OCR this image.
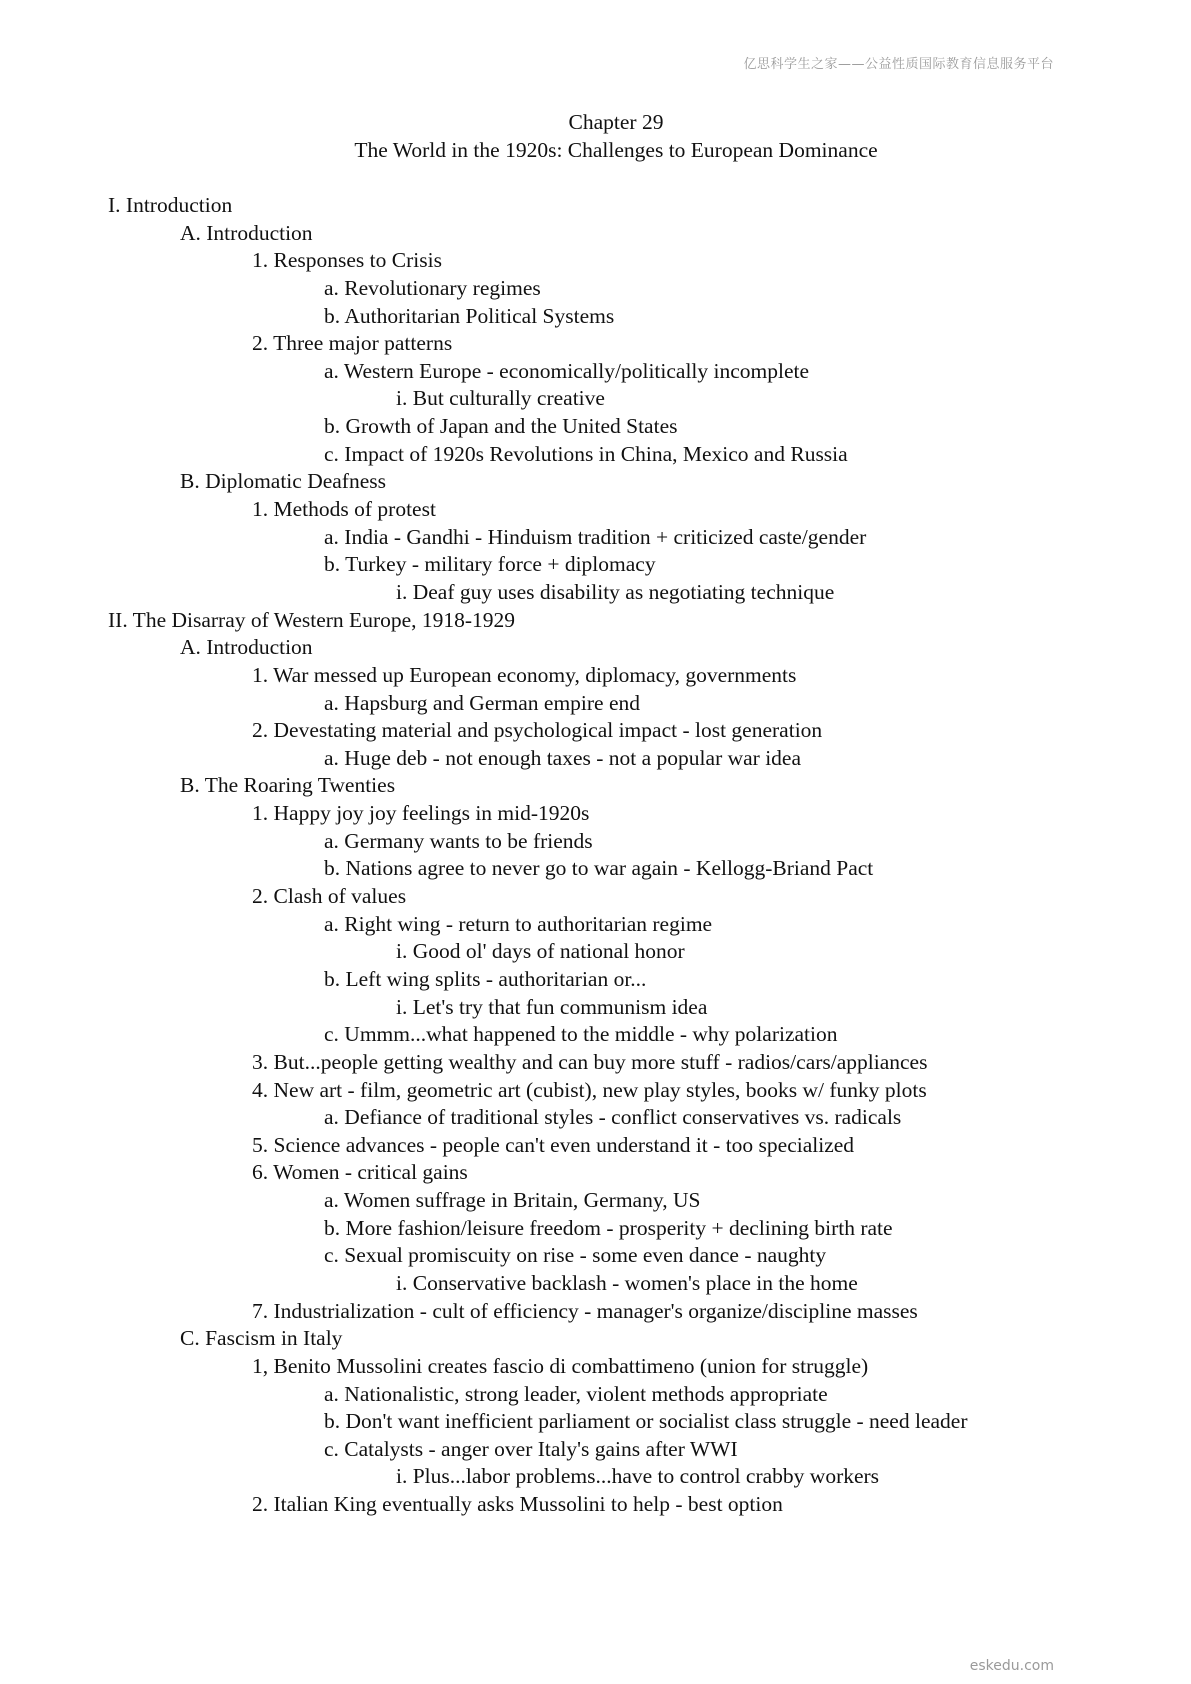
亿思科学生之家——公益性质国际教育信息服务平台
Chapter 29
The World in the 1920s: Challenges to European Dominance
I. Introduction
A. Introduction
1. Responses to Crisis
a. Revolutionary regimes
b. Authoritarian Political Systems
2. Three major patterns
a. Western Europe - economically/politically incomplete
i. But culturally creative
b. Growth of Japan and the United States
c. Impact of 1920s Revolutions in China, Mexico and Russia
B. Diplomatic Deafness
1. Methods of protest
a. India - Gandhi - Hinduism tradition + criticized caste/gender
b. Turkey - military force + diplomacy
i. Deaf guy uses disability as negotiating technique
II. The Disarray of Western Europe, 1918-1929
A. Introduction
1. War messed up European economy, diplomacy, governments
a. Hapsburg and German empire end
2. Devestating material and psychological impact - lost generation
a. Huge deb - not enough taxes - not a popular war idea
B. The Roaring Twenties
1. Happy joy joy feelings in mid-1920s
a. Germany wants to be friends
b. Nations agree to never go to war again - Kellogg-Briand Pact
2. Clash of values
a. Right wing - return to authoritarian regime
i. Good ol' days of national honor
b. Left wing splits - authoritarian or...
i. Let's try that fun communism idea
c. Ummm...what happened to the middle - why polarization
3. But...people getting wealthy and can buy more stuff - radios/cars/appliances
4. New art - film, geometric art (cubist), new play styles, books w/ funky plots
a. Defiance of traditional styles - conflict conservatives vs. radicals
5. Science advances - people can't even understand it - too specialized
6. Women - critical gains
a. Women suffrage in Britain, Germany, US
b. More fashion/leisure freedom - prosperity + declining birth rate
c. Sexual promiscuity on rise - some even dance - naughty
i. Conservative backlash - women's place in the home
7. Industrialization - cult of efficiency - manager's organize/discipline masses
C. Fascism in Italy
1, Benito Mussolini creates fascio di combattimeno (union for struggle)
a. Nationalistic, strong leader, violent methods appropriate
b. Don't want inefficient parliament or socialist class struggle - need leader
c. Catalysts - anger over Italy's gains after WWI
i. Plus...labor problems...have to control crabby workers
2. Italian King eventually asks Mussolini to help - best option
eskedu.com
